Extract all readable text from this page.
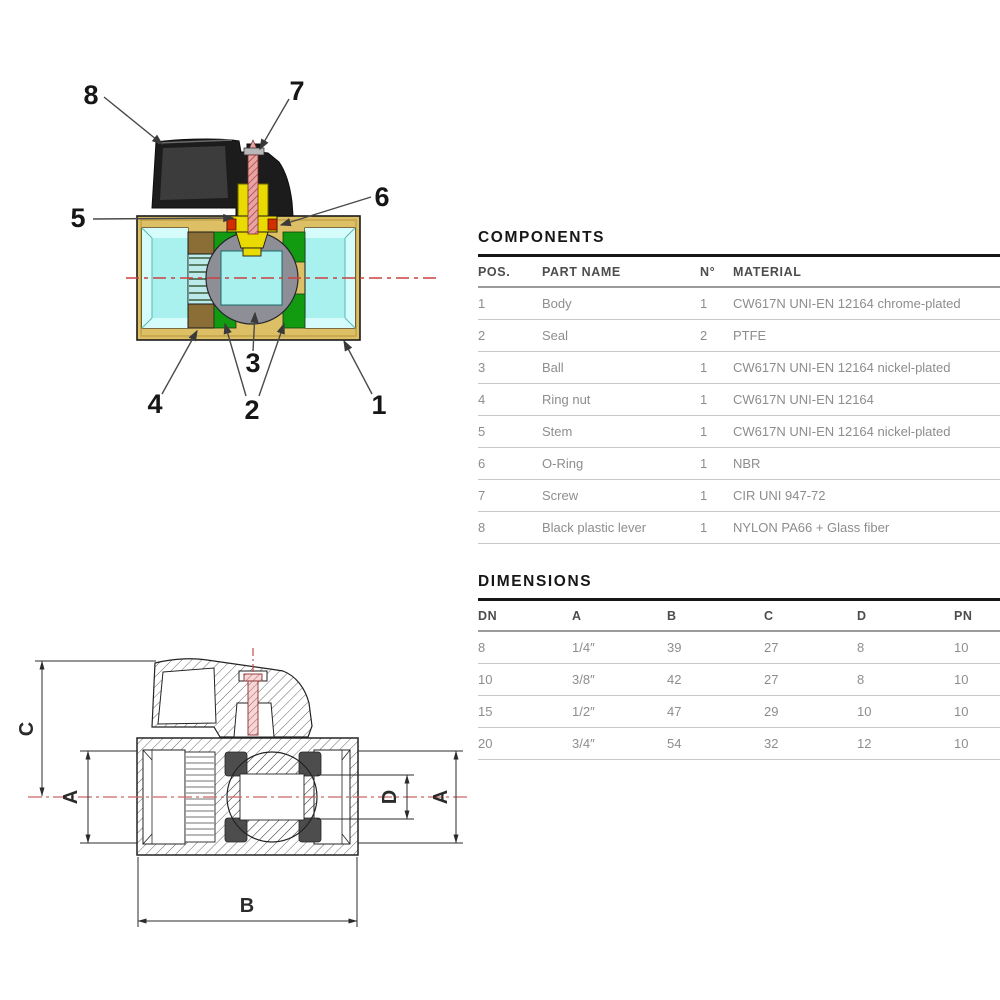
8	7
6
5
4
3
2	1
COMPONENTS
POS.	PART NAME	N°	MATERIAL
1	Body	1	CW617N UNI-EN 12164 chrome-plated
2	Seal	2	PTFE
3	Ball	1	CW617N UNI-EN 12164 nickel-plated
4	Ring nut	1	CW617N UNI-EN 12164
5	Stem	1	CW617N UNI-EN 12164 nickel-plated
6	O-Ring	1	NBR
7	Screw	1	CIR UNI 947-72
8	Black plastic lever	1	NYLON PA66 + Glass fiber
DIMENSIONS
DN	A	B	C	D	PN
8	1/4″	39	27	8	10
10	3/8″	42	27	8	10
15	1/2″	47	29	10	10
20	3/4″	54	32	12	10
C
A	A
D
B
